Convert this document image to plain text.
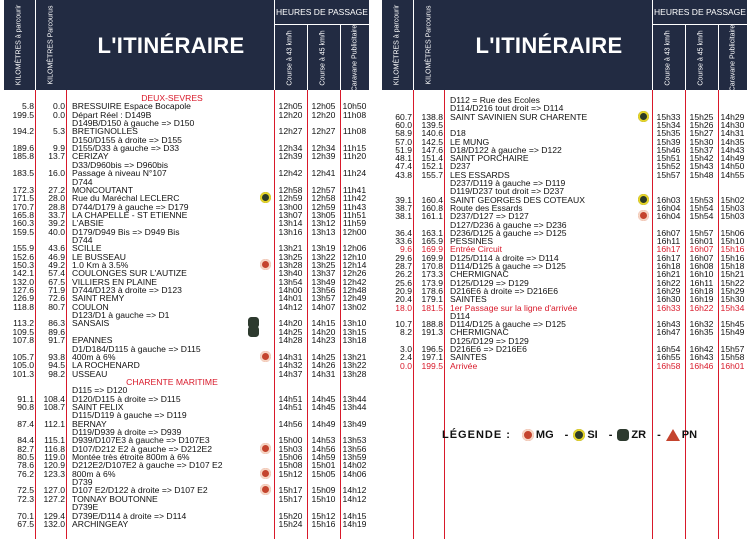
KILOMÈTRES à parcourir	KILOMÈTRES Parcourus	L'ITINÉRAIRE
HEURES DE PASSAGE
Course à 43 km/h	Course à 45 km/h	Caravane Publicitaire
DEUX-SEVRES
5.8	0.0 BRESSUIRE Espace Bocapole	12h05	12h05 10h50
199.5	0.0 Départ Réel : D149B	12h20	12h20 11h08
D149B/D150 à gauche => D150
194.2	5.3 BRETIGNOLLES	12h27	12h27 11h08
D150/D155 à droite => D155
189.6	9.9 D155/D33 à gauche => D33	12h34	12h34 11h15
185.8	13.7 CERIZAY	12h39	12h39 11h20
D33/D960bis => D960bis
183.5	16.0 Passage à niveau N°107	12h42	12h41 11h24
D744
172.3	27.2 MONCOUTANT	12h58	12h57 11h41
171.5	28.0 Rue du Maréchal LECLERC	12h59	12h58 11h42
170.7	28.8 D744/D179 à gauche => D179	13h00	12h59 11h43
165.8	33.7 LA CHAPELLE - ST ETIENNE	13h07	13h05 11h51
160.3	39.2 L'ABSIE	13h14	13h12 11h59
159.5	40.0 D179/D949 Bis => D949 Bis	13h16	13h13 12h00
D744
155.9	43.6 SCILLE	13h21	13h19 12h06
152.6	46.9 LE BUSSEAU	13h25	13h22 12h10
150.3	49.2 1.0 Km à 3.5%	13h28	13h25 12h14
142.1	57.4 COULONGES SUR L'AUTIZE	13h40	13h37 12h26
132.0	67.5 VILLIERS EN PLAINE	13h54	13h49 12h42
127.6	71.9 D744/D123 à droite => D123	14h00	13h56 12h48
126.9	72.6 SAINT REMY	14h01	13h57 12h49
118.8	80.7 COULON	14h12	14h07 13h02
D123/D1 à gauche => D1
113.2	86.3 SANSAIS	14h20	14h15 13h10
109.5	89.6	14h25	14h20 13h15
107.8	91.7 EPANNES	14h28	14h23 13h18
D1/D184/D115 à gauche => D115
105.7	93.8 400m à 6%	14h31	14h25 13h21
105.0	94.5 LA ROCHENARD	14h32	14h26 13h22
101.3	98.2 USSEAU	14h37	14h31 13h28
CHARENTE MARITIME
D115 => D120
91.1	108.4 D120/D115 à droite => D115	14h51	14h45 13h44
90.8	108.7 SAINT FELIX	14h51	14h45 13h44
D115/D119 à gauche => D119
87.4	112.1 BERNAY	14h56	14h49 13h49
D119/D939 à droite => D939
84.4	115.1 D939/D107E3 à gauche => D107E3	15h00	14h53 13h53
82.7	116.8 D107/D212 E2 à gauche => D212E2	15h03	14h56 13h56
80.5	119.0 Montée très étroite 800m à 6%	15h06	14h59 13h59
78.6	120.9 D212E2/D107E2 à gauche => D107 E2	15h08	15h01 14h02
76.2	123.3 800m à 6%	15h12	15h05 14h06
D739
72.5	127.0 D107 E2/D122 à droite => D107 E2	15h17	15h09 14h12
72.3	127.2 TONNAY BOUTONNE	15h17	15h10 14h12
D739E
70.1	129.4 D739E/D114 à droite => D114	15h20	15h12 14h15
67.5	132.0 ARCHINGEAY	15h24	15h16 14h19
KILOMÈTRES à parcourir	KILOMÈTRES Parcourus	L'ITINÉRAIRE
HEURES DE PASSAGE
Course à 43 km/h	Course à 45 km/h	Caravane Publicitaire
D112 = Rue des Ecoles
D114/D216 tout droit => D114
60.7	138.8 SAINT SAVINIEN SUR CHARENTE	15h33	15h25 14h29
60.0	139.5	15h34	15h26 14h30
58.9	140.6 D18	15h35	15h27 14h31
57.0	142.5 LE MUNG	15h39	15h30 14h35
51.9	147.6 D18/D122 à gauche => D122	15h46	15h37 14h43
48.1	151.4 SAINT PORCHAIRE	15h51	15h42 14h49
47.4	152.1 D237	15h52	15h43 14h50
43.8	155.7 LES ESSARDS	15h57	15h48 14h55
D237/D119 à gauche => D119
D119/D237 tout droit => D237
39.1	160.4 SAINT GEORGES DES COTEAUX	16h03	15h53 15h02
38.7	160.8 Route des Essards	16h04	15h54 15h03
38.1	161.1 D237/D127 => D127	16h04	15h54 15h03
D127/D236 à gauche => D236
36.4	163.1 D236/D125 à gauche => D125	16h07	15h57 15h06
33.6	165.9 PESSINES	16h11	16h01 15h10
9.6	169.9 Entrée Circuit	16h17	16h07 15h16
29.6	169.9 D125/D114 à droite => D114	16h17	16h07 15h16
28.7	170.8 D114/D125 à gauche => D125	16h18	16h08 15h18
26.2	173.3 CHERMIGNAC	16h21	16h10 15h21
25.6	173.9 D125/D129 => D129	16h22	16h11 15h22
20.9	178.6 D216E6 à droite => D216E6	16h29	16h18 15h29
20.4	179.1 SAINTES	16h30	16h19 15h30
18.0	181.5 1er Passage sur la ligne d'arrivée	16h33	16h22 15h34
D114
10.7	188.8 D114/D125 à gauche => D125	16h43	16h32 15h45
8.2	191.3 CHERMIGNAC	16h47	16h35 15h49
D125/D129 => D129
3.0	196.5 D216E6 => D216E6	16h54	16h42 15h57
2.4	197.1 SAINTES	16h55	16h43 15h58
0.0	199.5 Arrivée	16h58	16h46 16h01
LÉGENDE : MG - SI - ZR - PN
